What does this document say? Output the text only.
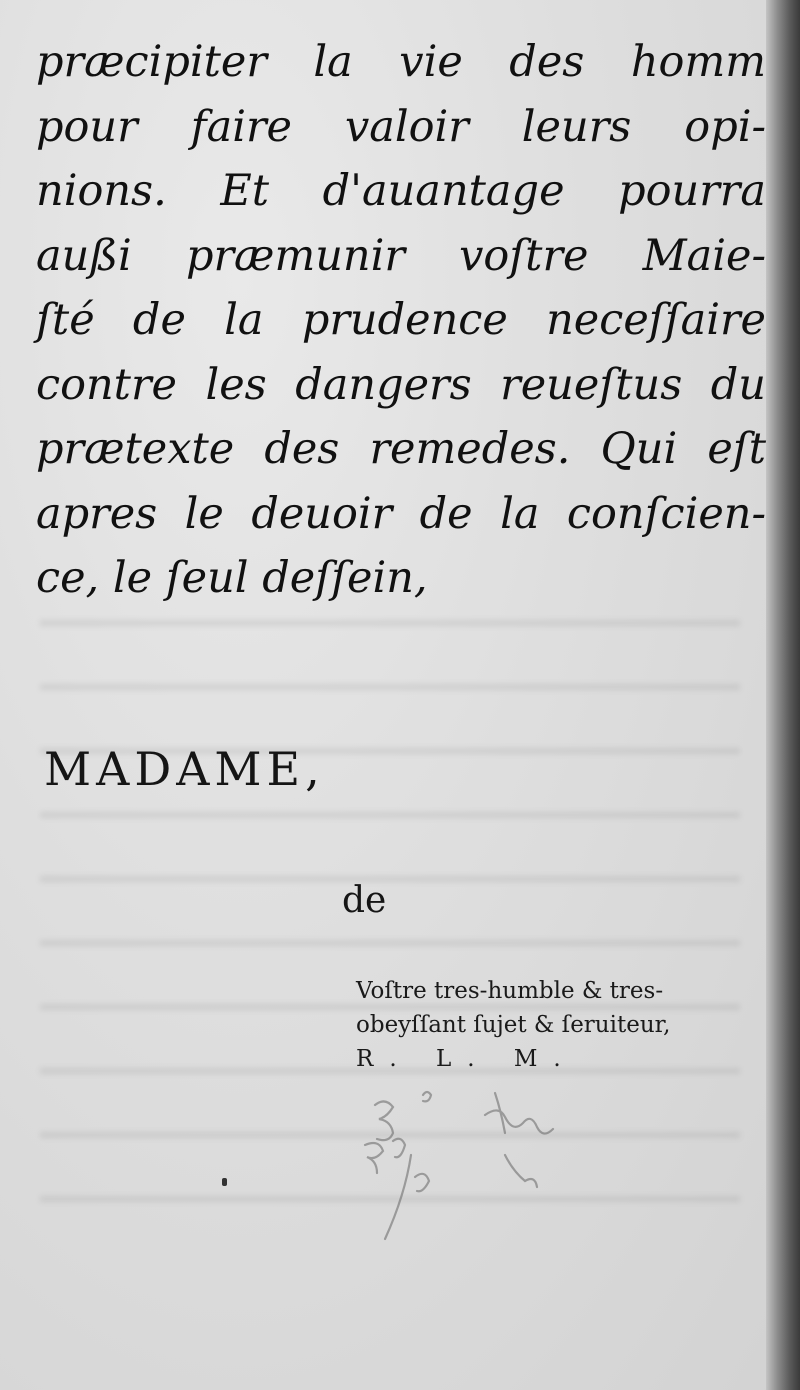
præcipiter la vie des homm
pour faire valoir leurs opi-
nions. Et d'auantage pourra
außi præmunir voſtre Maie-
ſté de la prudence neceſſaire
contre les dangers reueſtus du
prætexte des remedes. Qui eſt
apres le deuoir de la conſcien-
ce, le ſeul deſſein,
MADAME,
de
Voſtre tres-humble & tres-
obeyſſant ſujet & ſeruiteur,
R. L. M.
